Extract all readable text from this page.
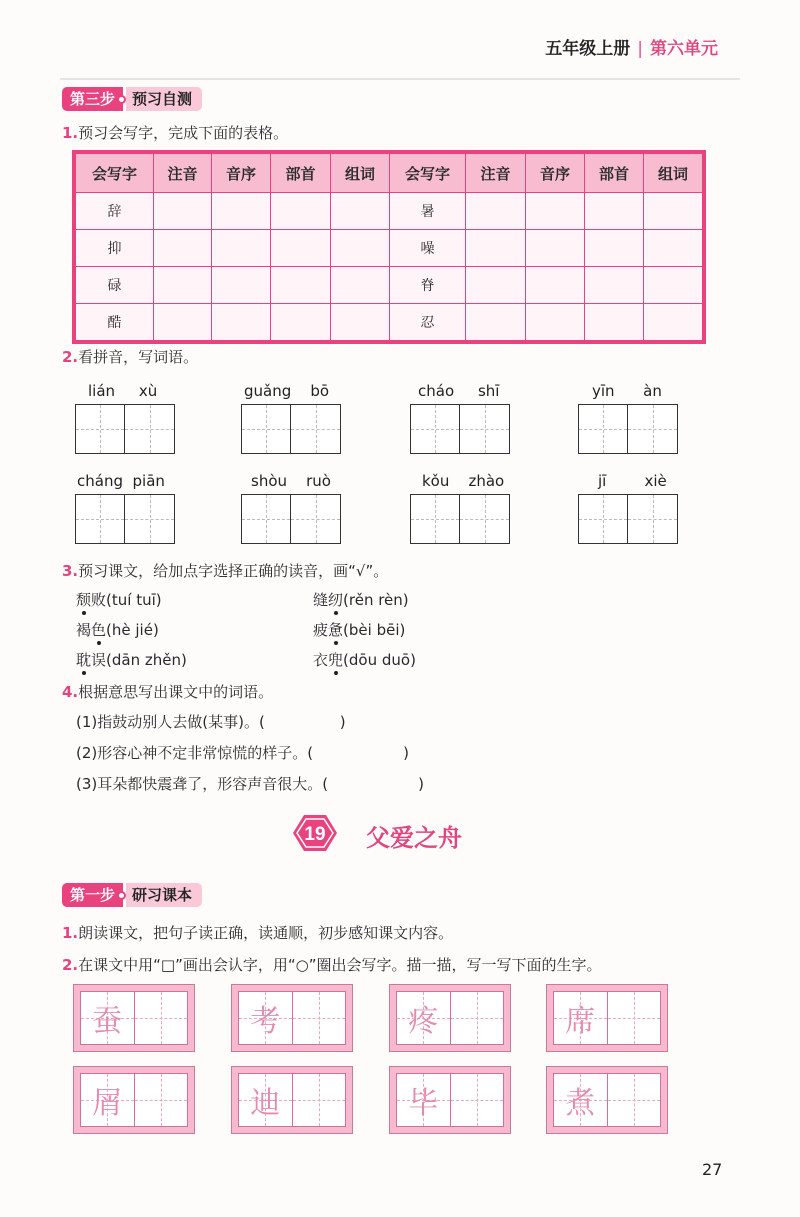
五年级上册 | 第六单元
第三步	预习自测
1.预习会写字，完成下面的表格。
会写字	注音	音序	部首	组词	会写字	注音	音序	部首	组词
辞					暑				
抑					噪				
碌					脊				
酷					忍				
2.看拼音，写词语。
lián xù	guǎng bō	cháo shī	yīn àn
cháng piān	shòu ruò	kǒu zhào	jī	xiè
3.预习课文，给加点字选择正确的读音，画“√”。
颓败(tuí tuī)	缝纫(rěn rèn)
褐色(hè jié)	疲惫(bèi bēi)
耽误(dān zhěn)	衣兜(dōu duō)
4.根据意思写出课文中的词语。
(1)指鼓动别人去做(某事)。(　　　　　)
(2)形容心神不定非常惊慌的样子。(　　　　　　)
(3)耳朵都快震聋了，形容声音很大。(　　　　　　)
19 父爱之舟
第一步	研习课本
1.朗读课文，把句子读正确，读通顺，初步感知课文内容。
2.在课文中用“□”画出会认字，用“○”圈出会写字。描一描，写一写下面的生字。
蚕	考	疼	席
屑	迪	毕	煮
27
